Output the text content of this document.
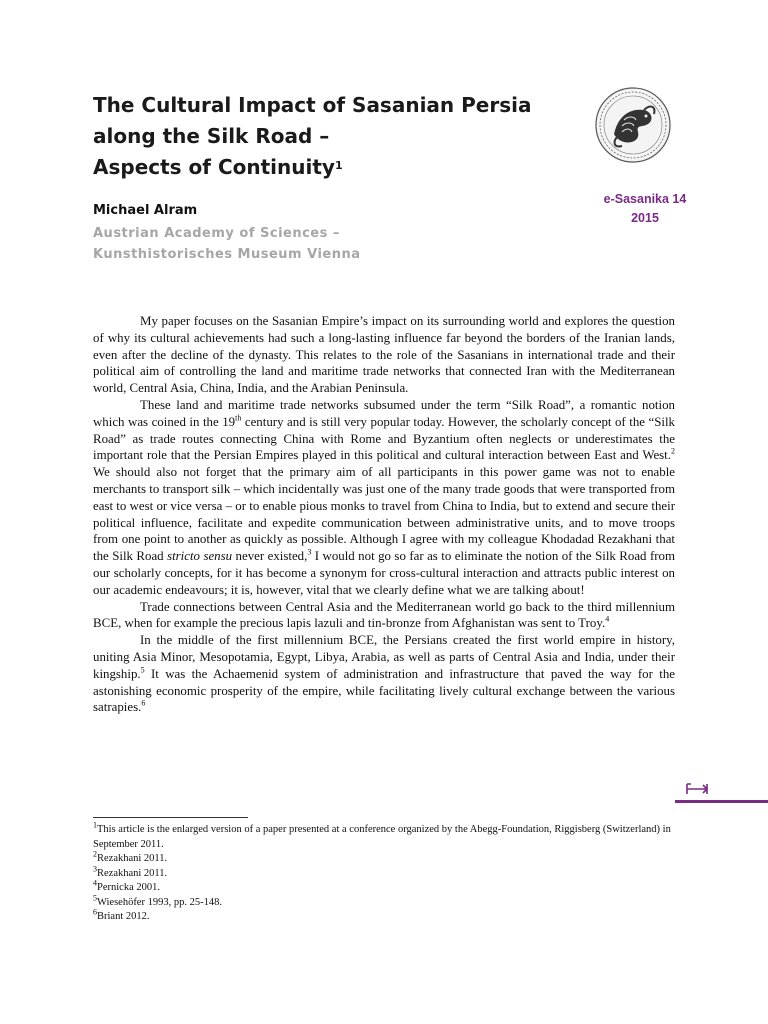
The Cultural Impact of Sasanian Persia
along the Silk Road –
Aspects of Continuity$^1$
e-Sasanika 14
2015
Michael Alram
Austrian Academy of Sciences –
Kunsthistorisches Museum Vienna

My paper focuses on the Sasanian Empire’s impact on its surrounding world and explores the question of why its cultural achievements had such a long-lasting influence far beyond the borders of the Iranian lands, even after the decline of the dynasty. This relates to the role of the Sasanians in international trade and their political aim of controlling the land and maritime trade networks that connected Iran with the Mediterranean world, Central Asia, China, India, and the Arabian Peninsula.

These land and maritime trade networks subsumed under the term “Silk Road”, a romantic notion which was coined in the 19th century and is still very popular today. However, the scholarly concept of the “Silk Road” as trade routes connecting China with Rome and Byzantium often neglects or underestimates the important role that the Persian Empires played in this political and cultural interaction between East and West.$^2$ We should also not forget that the primary aim of all participants in this power game was not to enable merchants to transport silk – which incidentally was just one of the many trade goods that were transported from east to west or vice versa – or to enable pious monks to travel from China to India, but to extend and secure their political influence, facilitate and expedite communication between administrative units, and to move troops from one point to another as quickly as possible. Although I agree with my colleague Khodadad Rezakhani that the Silk Road stricto sensu never existed,$^3$ I would not go so far as to eliminate the notion of the Silk Road from our scholarly concepts, for it has become a synonym for cross-cultural interaction and attracts public interest on our academic endeavours; it is, however, vital that we clearly define what we are talking about!

Trade connections between Central Asia and the Mediterranean world go back to the third millennium BCE, when for example the precious lapis lazuli and tin-bronze from Afghanistan was sent to Troy.$^4$

In the middle of the first millennium BCE, the Persians created the first world empire in history, uniting Asia Minor, Mesopotamia, Egypt, Libya, Arabia, as well as parts of Central Asia and India, under their kingship.$^5$ It was the Achaemenid system of administration and infrastructure that paved the way for the astonishing economic prosperity of the empire, while facilitating lively cultural exchange between the various satrapies.$^6$

$^1$This article is the enlarged version of a paper presented at a conference organized by the Abegg-Foundation, Riggisberg (Switzerland) in September 2011.

$^2$Rezakhani 2011.

$^3$Rezakhani 2011.

$^4$Pernicka 2001.

$^5$Wiesehöfer 1993, pp. 25-148.

$^6$Briant 2012.
